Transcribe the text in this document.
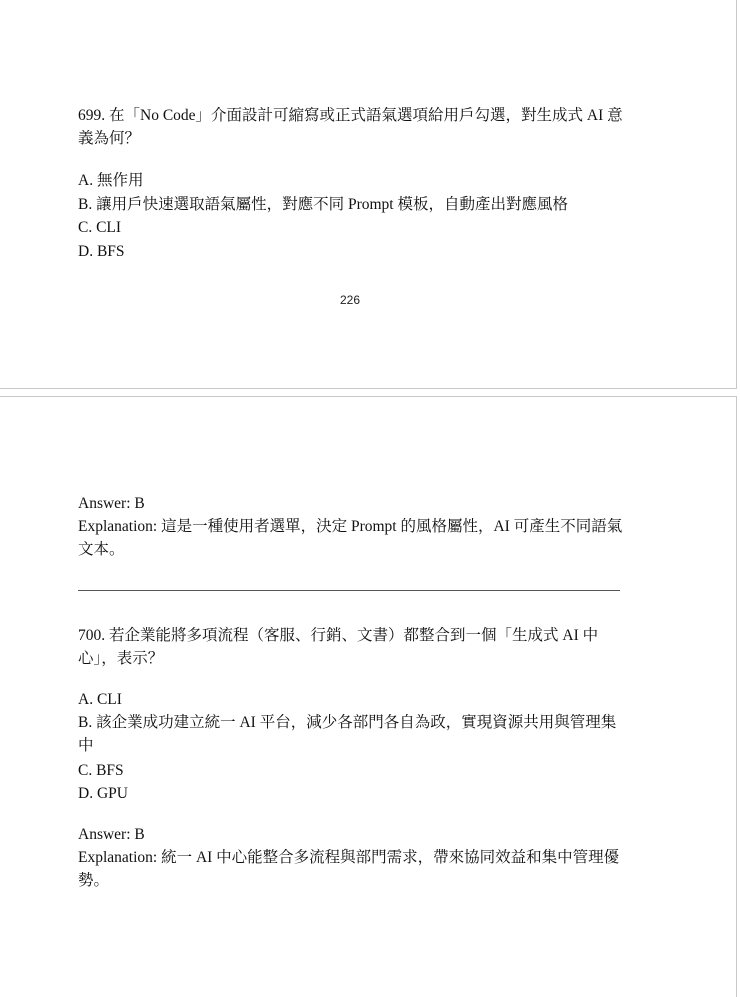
699. 在「No Code」介面設計可縮寫或正式語氣選項給用戶勾選，對生成式 AI 意義為何？

A. 無作用

B. 讓用戶快速選取語氣屬性，對應不同 Prompt 模板，自動產出對應風格

C. CLI

D. BFS

226

Answer: B

Explanation: 這是一種使用者選單，決定 Prompt 的風格屬性，AI 可產生不同語氣文本。

700. 若企業能將多項流程（客服、行銷、文書）都整合到一個「生成式 AI 中心」，表示？

A. CLI

B. 該企業成功建立統一 AI 平台，減少各部門各自為政，實現資源共用與管理集中

C. BFS

D. GPU

Answer: B

Explanation: 統一 AI 中心能整合多流程與部門需求，帶來協同效益和集中管理優勢。
